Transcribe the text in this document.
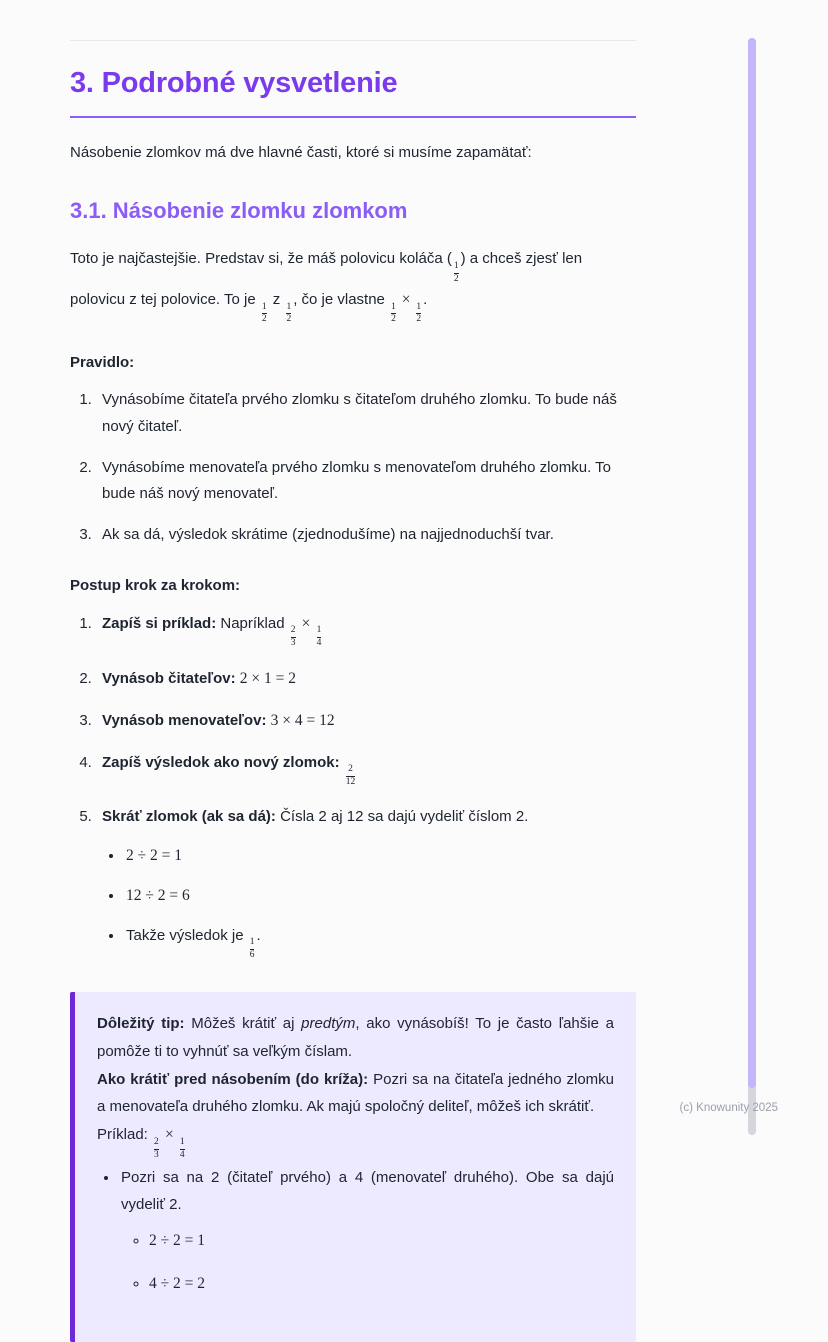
3. Podrobné vysvetlenie

Násobenie zlomkov má dve hlavné časti, ktoré si musíme zapamätať:

3.1. Násobenie zlomku zlomkom

Toto je najčastejšie. Predstav si, že máš polovicu koláča (
$\frac{1}{2}$
) a chceš zjesť len polovicu z tej polovice. To je
$\frac{1}{2}$
z
$\frac{1}{2}$
, čo je vlastne
$\frac{1}{2}$
×
$\frac{1}{2}$
.

Pravidlo:
1. Vynásobíme čitateľa prvého zlomku s čitateľom druhého zlomku. To bude náš nový čitateľ.
2. Vynásobíme menovateľa prvého zlomku s menovateľom druhého zlomku. To bude náš nový menovateľ.
3. Ak sa dá, výsledok skrátime (zjednodušíme) na najjednoduchší tvar.
Postup krok za krokom:
1. Zapíš si príklad: Napríklad
$\frac{2}{3}$
×
$\frac{1}{4}$
2. Vynásob čitateľov: 2 × 1 = 2
3. Vynásob menovateľov: 3 × 4 = 12
4. Zapíš výsledok ako nový zlomok:
$\frac{2}{12}$
5. Skráť zlomok (ak sa dá): Čísla 2 aj 12 sa dajú vydeliť číslom 2.
• 2 ÷ 2 = 1
• 12 ÷ 2 = 6
• Takže výsledok je
$\frac{1}{6}$
.

Dôležitý tip: Môžeš krátiť aj predtým, ako vynásobíš! To je často ľahšie a pomôže ti to vyhnúť sa veľkým číslam.

Ako krátiť pred násobením (do kríža): Pozri sa na čitateľa jedného zlomku a menovateľa druhého zlomku. Ak majú spoločný deliteľ, môžeš ich skrátiť.

Príklad:
$\frac{2}{3}$
×
$\frac{1}{4}$

• Pozri sa na 2 (čitateľ prvého) a 4 (menovateľ druhého). Obe sa dajú vydeliť 2.
◦ 2 ÷ 2 = 1
◦ 4 ÷ 2 = 2
(c) Knowunity 2025
